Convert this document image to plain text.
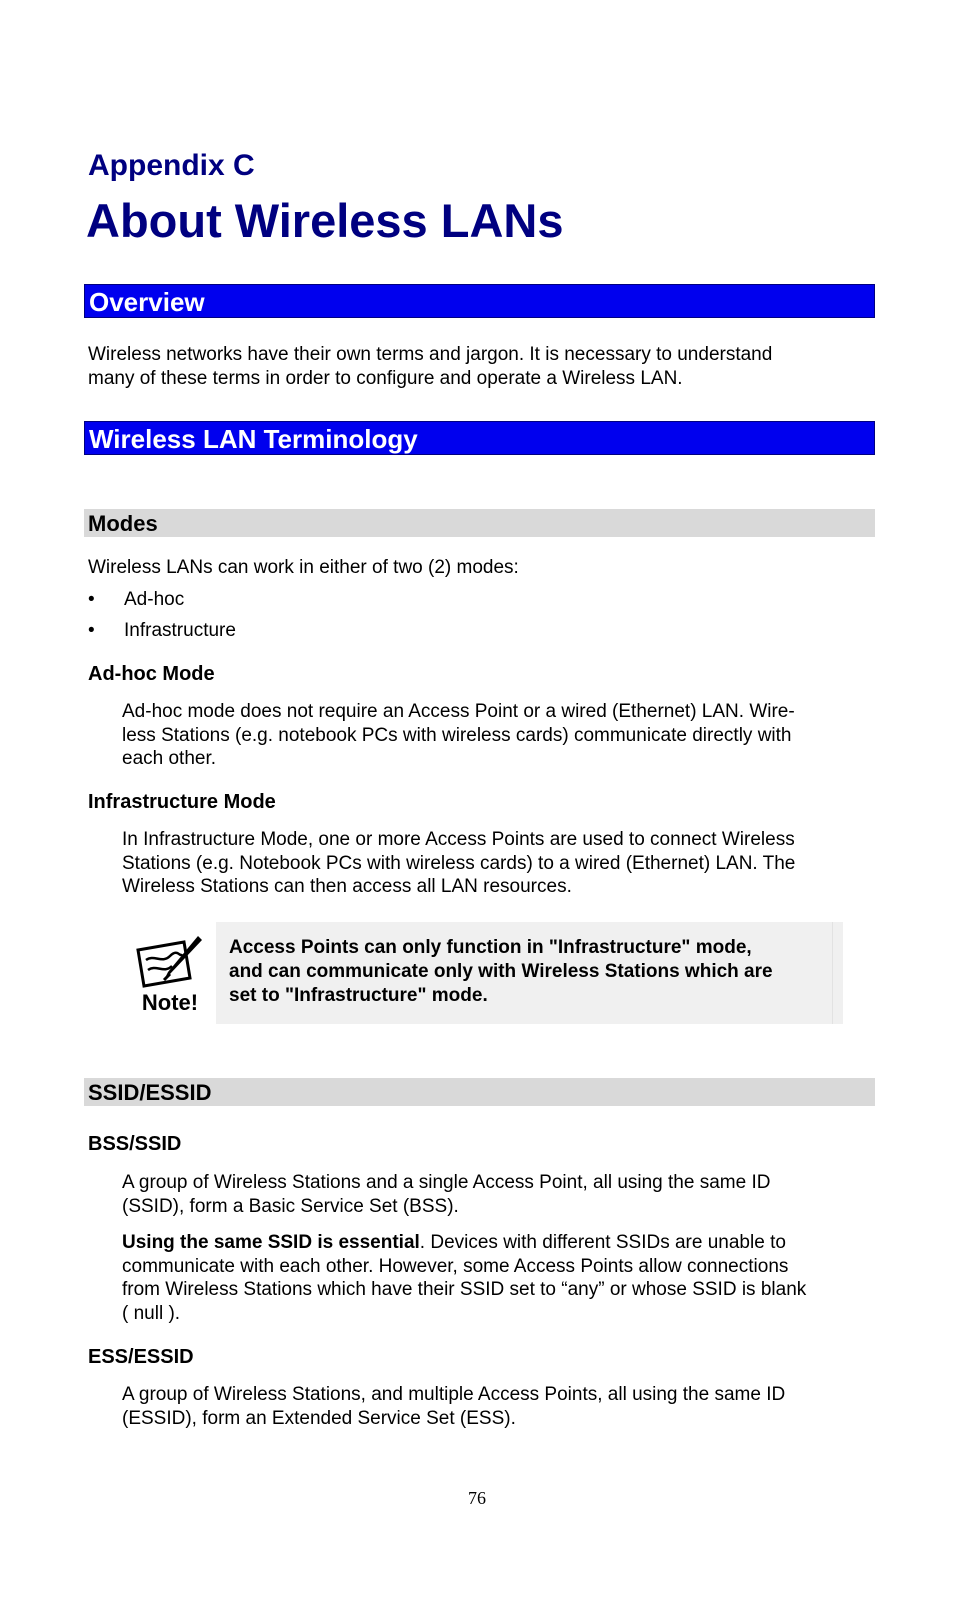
Appendix C
About Wireless LANs
Overview
Wireless networks have their own terms and jargon. It is necessary to understand
many of these terms in order to configure and operate a Wireless LAN.
Wireless LAN Terminology
Modes
Wireless LANs can work in either of two (2) modes:
• Ad-hoc
• Infrastructure
Ad-hoc Mode
Ad-hoc mode does not require an Access Point or a wired (Ethernet) LAN. Wire-
less Stations (e.g. notebook PCs with wireless cards) communicate directly with
each other.
Infrastructure Mode
In Infrastructure Mode, one or more Access Points are used to connect Wireless
Stations (e.g. Notebook PCs with wireless cards) to a wired (Ethernet) LAN. The
Wireless Stations can then access all LAN resources.
Note!
Access Points can only function in "Infrastructure" mode,
and can communicate only with Wireless Stations which are
set to "Infrastructure" mode.
SSID/ESSID
BSS/SSID
A group of Wireless Stations and a single Access Point, all using the same ID
(SSID), form a Basic Service Set (BSS).
Using the same SSID is essential. Devices with different SSIDs are unable to
communicate with each other. However, some Access Points allow connections
from Wireless Stations which have their SSID set to “any” or whose SSID is blank
( null ).
ESS/ESSID
A group of Wireless Stations, and multiple Access Points, all using the same ID
(ESSID), form an Extended Service Set (ESS).
76
